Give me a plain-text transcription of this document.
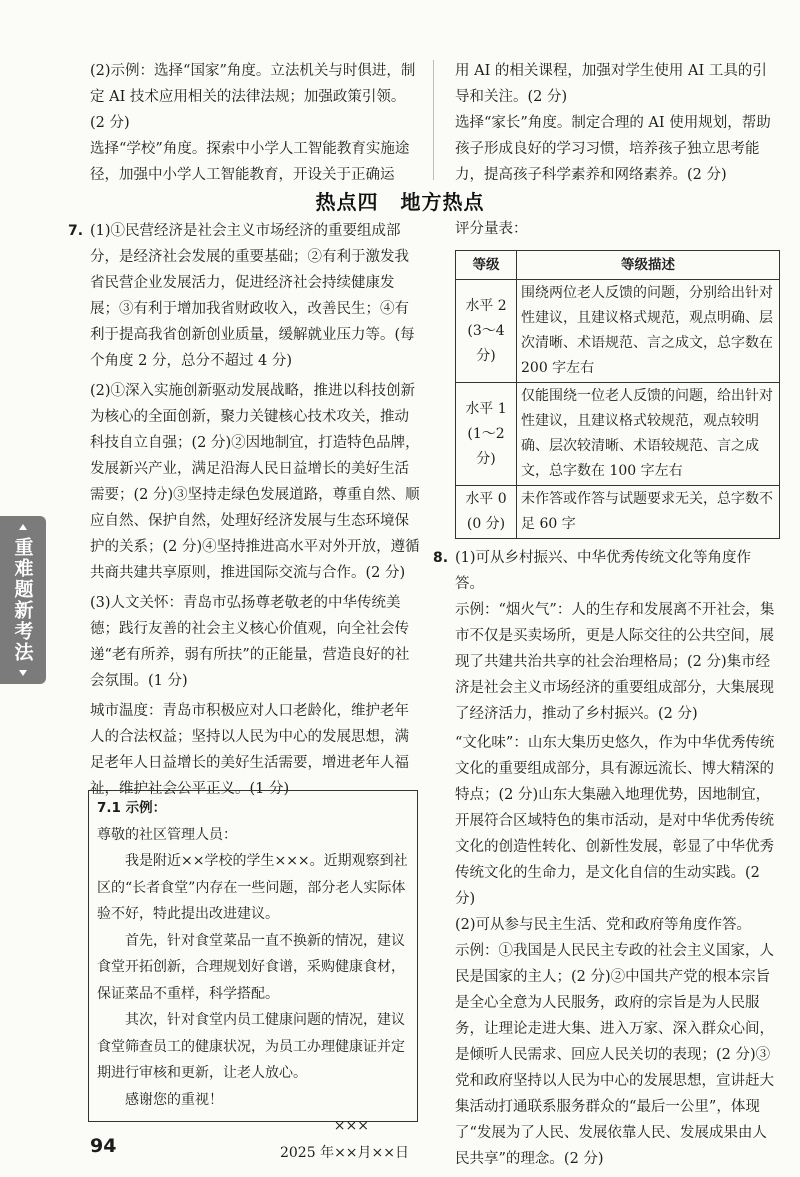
(2)示例：选择“国家”角度。立法机关与时俱进，制定 AI 技术应用相关的法律法规；加强政策引领。(2 分)

选择“学校”角度。探索中小学人工智能教育实施途径，加强中小学人工智能教育，开设关于正确运

用 AI 的相关课程，加强对学生使用 AI 工具的引导和关注。(2 分)

选择“家长”角度。制定合理的 AI 使用规划，帮助孩子形成良好的学习习惯，培养孩子独立思考能力，提高孩子科学素养和网络素养。(2 分)

热点四 地方热点
重难题新考法
7. (1)①民营经济是社会主义市场经济的重要组成部分，是经济社会发展的重要基础；②有利于激发我省民营企业发展活力，促进经济社会持续健康发展；③有利于增加我省财政收入，改善民生；④有利于提高我省创新创业质量，缓解就业压力等。(每个角度 2 分，总分不超过 4 分)

(2)①深入实施创新驱动发展战略，推进以科技创新为核心的全面创新，聚力关键核心技术攻关，推动科技自立自强；(2 分)②因地制宜，打造特色品牌，发展新兴产业，满足沿海人民日益增长的美好生活需要；(2 分)③坚持走绿色发展道路，尊重自然、顺应自然、保护自然，处理好经济发展与生态环境保护的关系；(2 分)④坚持推进高水平对外开放，遵循共商共建共享原则，推进国际交流与合作。(2 分)

(3)人文关怀：青岛市弘扬尊老敬老的中华传统美德；践行友善的社会主义核心价值观，向全社会传递“老有所养，弱有所扶”的正能量，营造良好的社会氛围。(1 分)

城市温度：青岛市积极应对人口老龄化，维护老年人的合法权益；坚持以人民为中心的发展思想，满足老年人日益增长的美好生活需要，增进老年人福祉，维护社会公平正义。(1 分)

7.1 示例：

尊敬的社区管理人员：

我是附近××学校的学生×××。近期观察到社区的“长者食堂”内存在一些问题，部分老人实际体验不好，特此提出改进建议。

首先，针对食堂菜品一直不换新的情况，建议食堂开拓创新，合理规划好食谱，采购健康食材，保证菜品不重样，科学搭配。

其次，针对食堂内员工健康问题的情况，建议食堂筛查员工的健康状况，为员工办理健康证并定期进行审核和更新，让老人放心。

感谢您的重视！

×××

2025 年××月××日

评分量表：
等级	等级描述

水平 2
(3～4 分)	围绕两位老人反馈的问题，分别给出针对性建议，且建议格式规范，观点明确、层次清晰、术语规范、言之成文，总字数在 200 字左右

水平 1
(1～2 分)	仅能围绕一位老人反馈的问题，给出针对性建议，且建议格式较规范，观点较明确、层次较清晰、术语较规范、言之成文，总字数在 100 字左右

水平 0
(0 分)	未作答或作答与试题要求无关，总字数不足 60 字
8. (1)可从乡村振兴、中华优秀传统文化等角度作答。

示例：“烟火气”：人的生存和发展离不开社会，集市不仅是买卖场所，更是人际交往的公共空间，展现了共建共治共享的社会治理格局；(2 分)集市经济是社会主义市场经济的重要组成部分，大集展现了经济活力，推动了乡村振兴。(2 分)

“文化味”：山东大集历史悠久，作为中华优秀传统文化的重要组成部分，具有源远流长、博大精深的特点；(2 分)山东大集融入地理优势，因地制宜，开展符合区域特色的集市活动，是对中华优秀传统文化的创造性转化、创新性发展，彰显了中华优秀传统文化的生命力，是文化自信的生动实践。(2 分)

(2)可从参与民主生活、党和政府等角度作答。

示例：①我国是人民民主专政的社会主义国家，人民是国家的主人；(2 分)②中国共产党的根本宗旨是全心全意为人民服务，政府的宗旨是为人民服务，让理论走进大集、进入万家、深入群众心间，是倾听人民需求、回应人民关切的表现；(2 分)③党和政府坚持以人民为中心的发展思想，宣讲赶大集活动打通联系服务群众的“最后一公里”，体现了“发展为了人民、发展依靠人民、发展成果由人民共享”的理念。(2 分)

94
